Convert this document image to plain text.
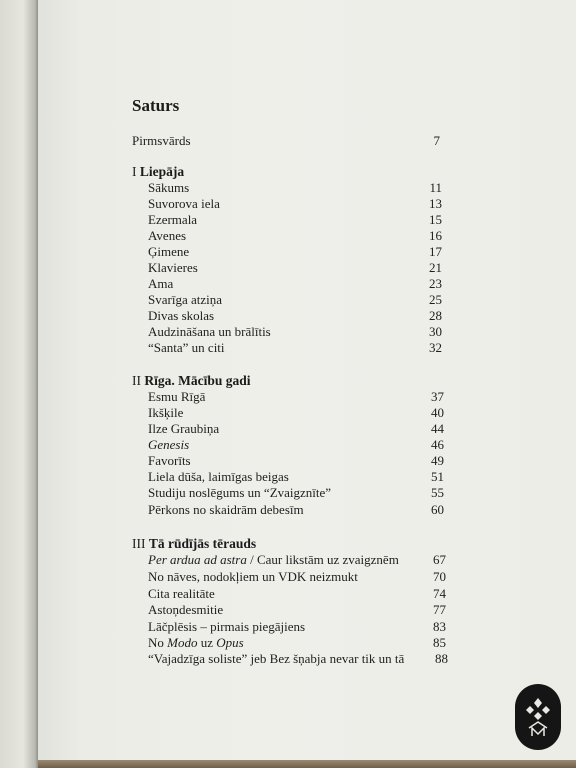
Saturs
Pirmsvārds	7
I Liepāja
Sākums	11
Suvorova iela	13
Ezermala	15
Avenes	16
Ģimene	17
Klavieres	21
Ama	23
Svarīga atziņa	25
Divas skolas	28
Audzināšana un brālītis	30
“Santa” un citi	32
II Rīga. Mācību gadi
Esmu Rīgā	37
Ikšķile	40
Ilze Graubiņa	44
Genesis	46
Favorīts	49
Liela dūša, laimīgas beigas	51
Studiju noslēgums un “Zvaigznīte”	55
Pērkons no skaidrām debesīm	60
III Tā rūdījās tērauds
Per ardua ad astra / Caur likstām uz zvaigznēm	67
No nāves, nodokļiem un VDK neizmukt	70
Cita realitāte	74
Astoņdesmitie	77
Lāčplēsis – pirmais piegājiens	83
No Modo uz Opus	85
“Vajadzīga soliste” jeb Bez šņabja nevar tik un tā	88
